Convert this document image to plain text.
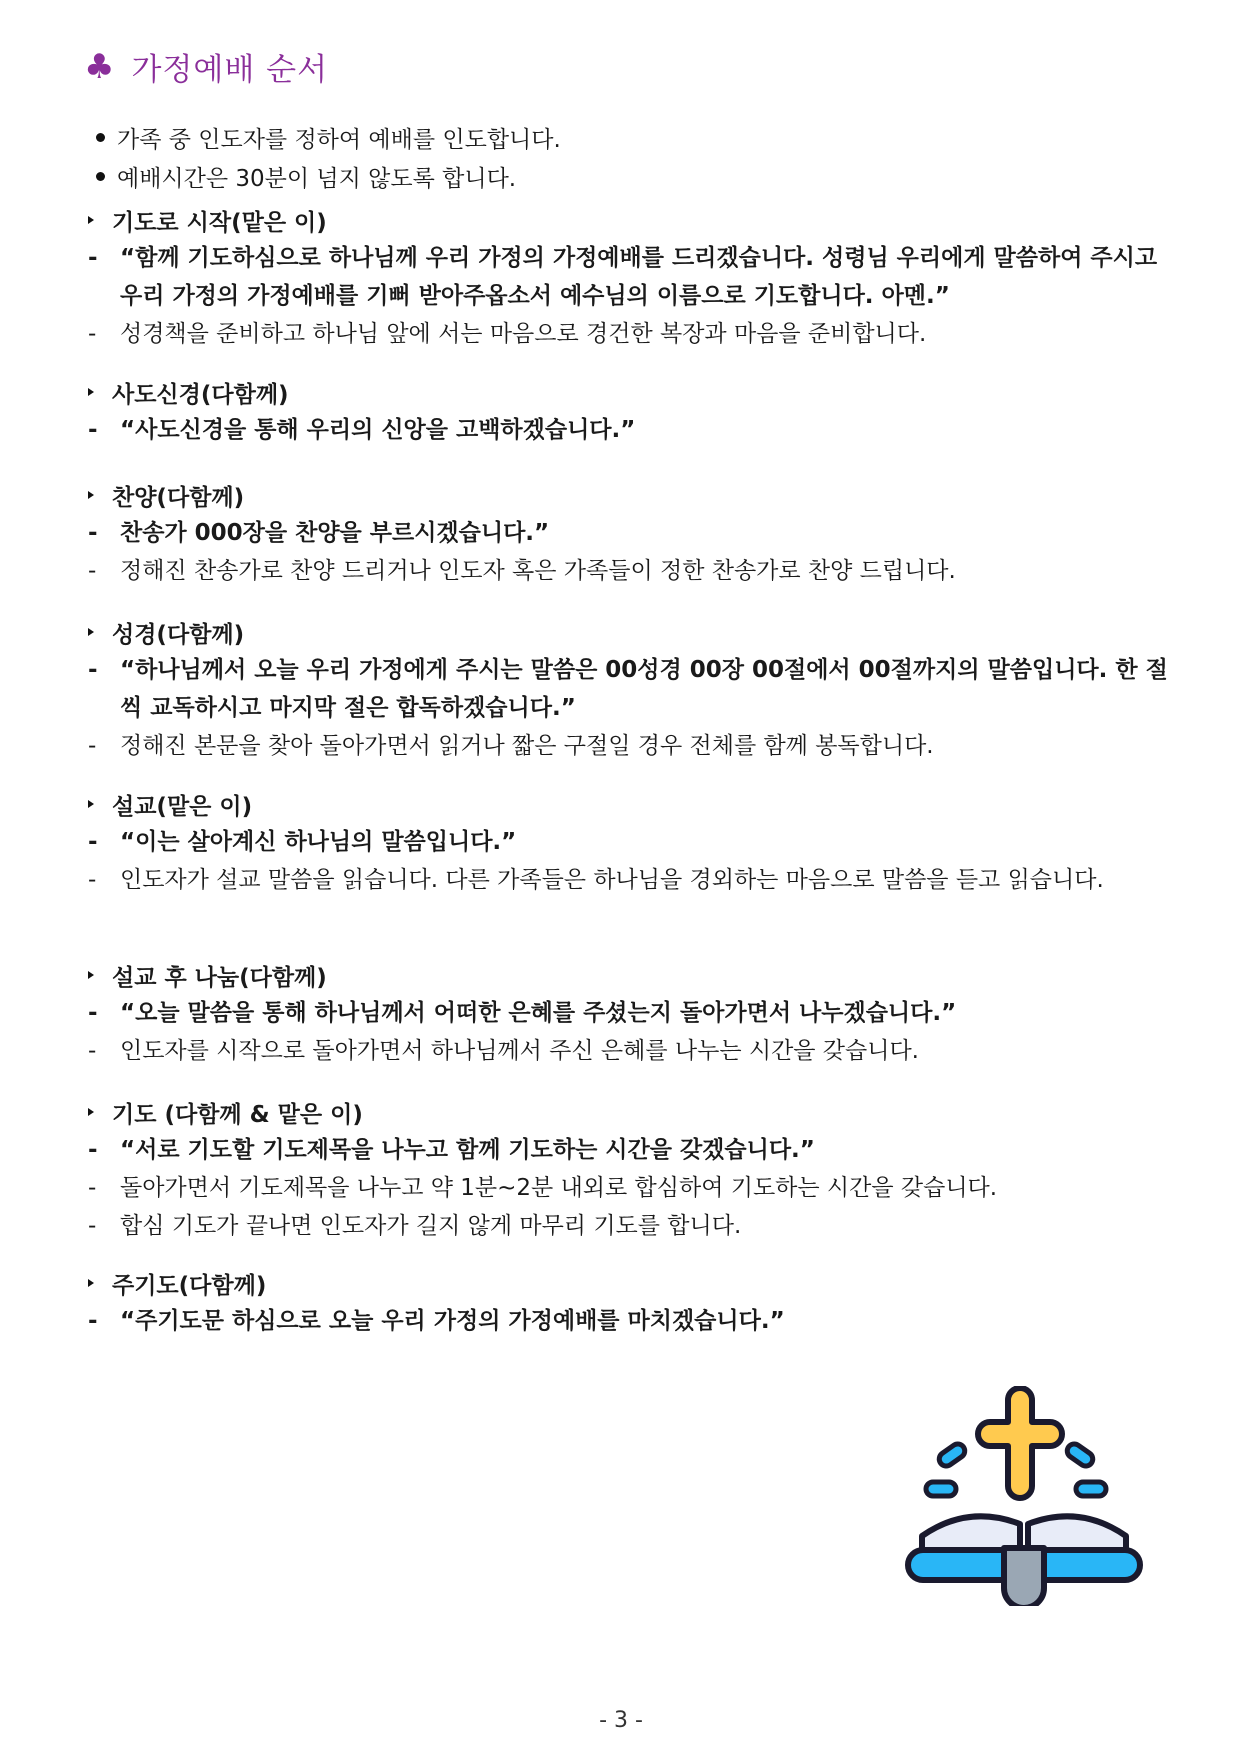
♣ 가정예배 순서
가족 중 인도자를 정하여 예배를 인도합니다.
예배시간은 30분이 넘지 않도록 합니다.
기도로 시작(맡은 이)
- “함께 기도하심으로 하나님께 우리 가정의 가정예배를 드리겠습니다. 성령님 우리에게 말씀하여 주시고 우리 가정의 가정예배를 기뻐 받아주옵소서 예수님의 이름으로 기도합니다. 아멘.”
-	성경책을 준비하고 하나님 앞에 서는 마음으로 경건한 복장과 마음을 준비합니다.
사도신경(다함께)
- “사도신경을 통해 우리의 신앙을 고백하겠습니다.”
찬양(다함께)
- 찬송가 000장을 찬양을 부르시겠습니다.”
-	정해진 찬송가로 찬양 드리거나 인도자 혹은 가족들이 정한 찬송가로 찬양 드립니다.
성경(다함께)
- “하나님께서 오늘 우리 가정에게 주시는 말씀은 00성경 00장 00절에서 00절까지의 말씀입니다. 한 절씩 교독하시고 마지막 절은 합독하겠습니다.”
-	정해진 본문을 찾아 돌아가면서 읽거나 짧은 구절일 경우 전체를 함께 봉독합니다.
설교(맡은 이)
- “이는 살아계신 하나님의 말씀입니다.”
-	인도자가 설교 말씀을 읽습니다. 다른 가족들은 하나님을 경외하는 마음으로 말씀을 듣고 읽습니다.
설교 후 나눔(다함께)
- “오늘 말씀을 통해 하나님께서 어떠한 은혜를 주셨는지 돌아가면서 나누겠습니다.”
-	인도자를 시작으로 돌아가면서 하나님께서 주신 은혜를 나누는 시간을 갖습니다.
기도 (다함께 & 맡은 이)
- “서로 기도할 기도제목을 나누고 함께 기도하는 시간을 갖겠습니다.”
-	돌아가면서 기도제목을 나누고 약 1분~2분 내외로 합심하여 기도하는 시간을 갖습니다.
-	합심 기도가 끝나면 인도자가 길지 않게 마무리 기도를 합니다.
주기도(다함께)
- “주기도문 하심으로 오늘 우리 가정의 가정예배를 마치겠습니다.”
- 3 -
